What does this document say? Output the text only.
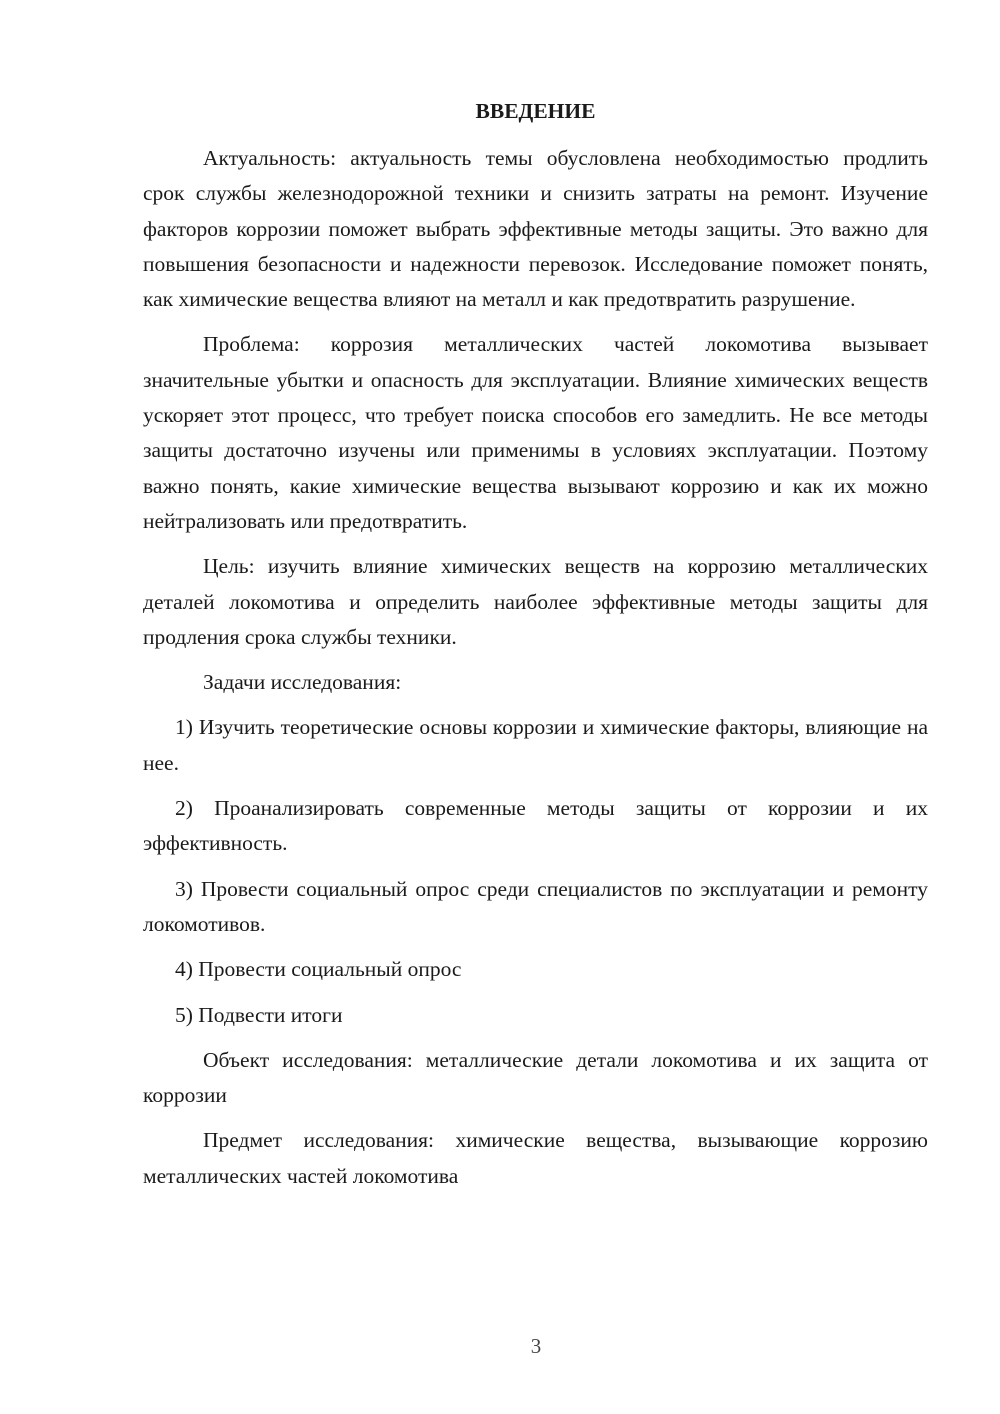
ВВЕДЕНИЕ

Актуальность: актуальность темы обусловлена необходимостью продлить срок службы железнодорожной техники и снизить затраты на ремонт. Изучение факторов коррозии поможет выбрать эффективные методы защиты. Это важно для повышения безопасности и надежности перевозок. Исследование поможет понять, как химические вещества влияют на металл и как предотвратить разрушение.

Проблема: коррозия металлических частей локомотива вызывает значительные убытки и опасность для эксплуатации. Влияние химических веществ ускоряет этот процесс, что требует поиска способов его замедлить. Не все методы защиты достаточно изучены или применимы в условиях эксплуатации. Поэтому важно понять, какие химические вещества вызывают коррозию и как их можно нейтрализовать или предотвратить.

Цель: изучить влияние химических веществ на коррозию металлических деталей локомотива и определить наиболее эффективные методы защиты для продления срока службы техники.

Задачи исследования:

1) Изучить теоретические основы коррозии и химические факторы, влияющие на нее.

2) Проанализировать современные методы защиты от коррозии и их эффективность.

3) Провести социальный опрос среди специалистов по эксплуатации и ремонту локомотивов.

4) Провести социальный опрос

5) Подвести итоги

Объект исследования: металлические детали локомотива и их защита от коррозии

Предмет исследования: химические вещества, вызывающие коррозию металлических частей локомотива

3
